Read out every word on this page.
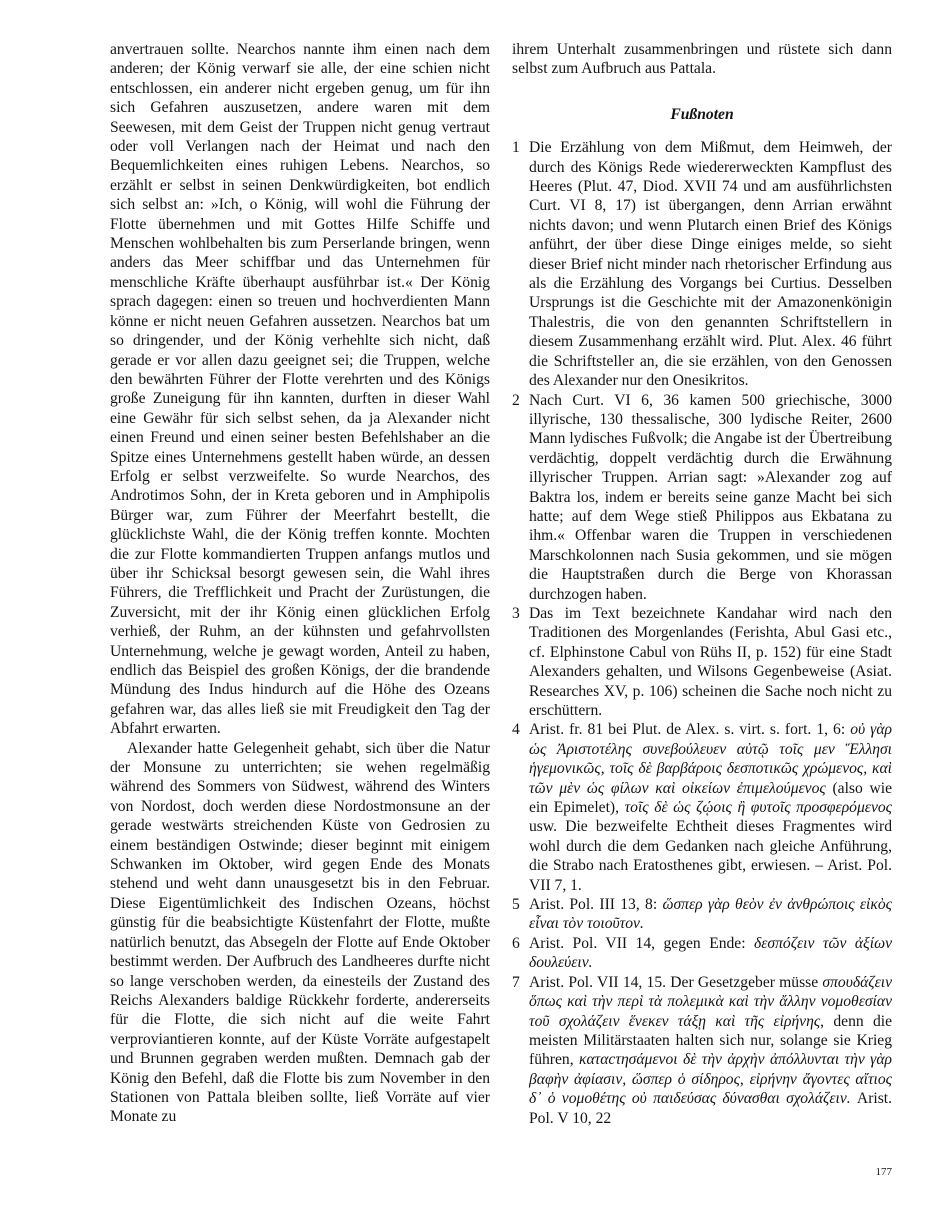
anvertrauen sollte. Nearchos nannte ihm einen nach dem anderen; der König verwarf sie alle, der eine schien nicht entschlossen, ein anderer nicht ergeben genug, um für ihn sich Gefahren auszusetzen, andere waren mit dem Seewesen, mit dem Geist der Truppen nicht genug vertraut oder voll Verlangen nach der Heimat und nach den Bequemlichkeiten eines ruhigen Lebens. Nearchos, so erzählt er selbst in seinen Denkwürdigkeiten, bot endlich sich selbst an: »Ich, o König, will wohl die Führung der Flotte übernehmen und mit Gottes Hilfe Schiffe und Menschen wohlbehalten bis zum Perserlande bringen, wenn anders das Meer schiffbar und das Unternehmen für menschliche Kräfte überhaupt ausführbar ist.« Der König sprach dagegen: einen so treuen und hochverdienten Mann könne er nicht neuen Gefahren aussetzen. Nearchos bat um so dringender, und der König verhehlte sich nicht, daß gerade er vor allen dazu geeignet sei; die Truppen, welche den bewährten Führer der Flotte verehrten und des Königs große Zuneigung für ihn kannten, durften in dieser Wahl eine Gewähr für sich selbst sehen, da ja Alexander nicht einen Freund und einen seiner besten Befehlshaber an die Spitze eines Unternehmens gestellt haben würde, an dessen Erfolg er selbst verzweifelte. So wurde Nearchos, des Androtimos Sohn, der in Kreta geboren und in Amphipolis Bürger war, zum Führer der Meerfahrt bestellt, die glücklichste Wahl, die der König treffen konnte. Mochten die zur Flotte kommandierten Truppen anfangs mutlos und über ihr Schicksal besorgt gewesen sein, die Wahl ihres Führers, die Trefflichkeit und Pracht der Zurüstungen, die Zuversicht, mit der ihr König einen glücklichen Erfolg verhieß, der Ruhm, an der kühnsten und gefahrvollsten Unternehmung, welche je gewagt worden, Anteil zu haben, endlich das Beispiel des großen Königs, der die brandende Mündung des Indus hindurch auf die Höhe des Ozeans gefahren war, das alles ließ sie mit Freudigkeit den Tag der Abfahrt erwarten.

Alexander hatte Gelegenheit gehabt, sich über die Natur der Monsune zu unterrichten; sie wehen regelmäßig während des Sommers von Südwest, während des Winters von Nordost, doch werden diese Nordostmonsune an der gerade westwärts streichenden Küste von Gedrosien zu einem beständigen Ostwinde; dieser beginnt mit einigem Schwanken im Oktober, wird gegen Ende des Monats stehend und weht dann unausgesetzt bis in den Februar. Diese Eigentümlichkeit des Indischen Ozeans, höchst günstig für die beabsichtigte Küstenfahrt der Flotte, mußte natürlich benutzt, das Absegeln der Flotte auf Ende Oktober bestimmt werden. Der Aufbruch des Landheeres durfte nicht so lange verschoben werden, da einesteils der Zustand des Reichs Alexanders baldige Rückkehr forderte, andererseits für die Flotte, die sich nicht auf die weite Fahrt verproviantieren konnte, auf der Küste Vorräte aufgestapelt und Brunnen gegraben werden mußten. Demnach gab der König den Befehl, daß die Flotte bis zum November in den Stationen von Pattala bleiben sollte, ließ Vorräte auf vier Monate zu

ihrem Unterhalt zusammenbringen und rüstete sich dann selbst zum Aufbruch aus Pattala.

Fußnoten

1 Die Erzählung von dem Mißmut, dem Heimweh, der durch des Königs Rede wiedererweckten Kampflust des Heeres (Plut. 47, Diod. XVII 74 und am ausführlichsten Curt. VI 8, 17) ist übergangen, denn Arrian erwähnt nichts davon; und wenn Plutarch einen Brief des Königs anführt, der über diese Dinge einiges melde, so sieht dieser Brief nicht minder nach rhetorischer Erfindung aus als die Erzählung des Vorgangs bei Curtius. Desselben Ursprungs ist die Geschichte mit der Amazonenkönigin Thalestris, die von den genannten Schriftstellern in diesem Zusammenhang erzählt wird. Plut. Alex. 46 führt die Schriftsteller an, die sie erzählen, von den Genossen des Alexander nur den Onesikritos.

2 Nach Curt. VI 6, 36 kamen 500 griechische, 3000 illyrische, 130 thessalische, 300 lydische Reiter, 2600 Mann lydisches Fußvolk; die Angabe ist der Übertreibung verdächtig, doppelt verdächtig durch die Erwähnung illyrischer Truppen. Arrian sagt: »Alexander zog auf Baktra los, indem er bereits seine ganze Macht bei sich hatte; auf dem Wege stieß Philippos aus Ekbatana zu ihm.« Offenbar waren die Truppen in verschiedenen Marschkolonnen nach Susia gekommen, und sie mögen die Hauptstraßen durch die Berge von Khorassan durchzogen haben.

3 Das im Text bezeichnete Kandahar wird nach den Traditionen des Morgenlandes (Ferishta, Abul Gasi etc., cf. Elphinstone Cabul von Rühs II, p. 152) für eine Stadt Alexanders gehalten, und Wilsons Gegenbeweise (Asiat. Researches XV, p. 106) scheinen die Sache noch nicht zu erschüttern.

4 Arist. fr. 81 bei Plut. de Alex. s. virt. s. fort. 1, 6: οὐ γὰρ ὡς Ἀριστοτέλης συνεβούλευεν αὐτῷ τοῖς μεν Ἕλλησι ἡγεμονικῶς, τοῖς δὲ βαρβάροις δεσποτικῶς χρώμενος, καὶ τῶν μὲν ὡς φίλων καὶ οἰκείων ἐπιμελούμενος (also wie ein Epimelet), τοῖς δὲ ὡς ζῴοις ἢ φυτοῖς προσφερόμενος usw. Die bezweifelte Echtheit dieses Fragmentes wird wohl durch die dem Gedanken nach gleiche Anführung, die Strabo nach Eratosthenes gibt, erwiesen. – Arist. Pol. VII 7, 1.

5 Arist. Pol. III 13, 8: ὥσπερ γὰρ θεὸν ἐν ἀνθρώποις εἰκὸς εἶναι τὸν τοιοῦτον.

6 Arist. Pol. VII 14, gegen Ende: δεσπόζειν τῶν ἀξίων δουλεύειν.

7 Arist. Pol. VII 14, 15. Der Gesetzgeber müsse σπουδάζειν ὅπως καὶ τὴν περὶ τὰ πολεμικὰ καὶ τὴν ἄλλην νομοθεσίαν τοῦ σχολάζειν ἕνεκεν τάξῃ καὶ τῆς εἰρήνης, denn die meisten Militärstaaten halten sich nur, solange sie Krieg führen, καταcτησάμενοι δὲ τὴν ἀρχὴν ἀπόλλυνται τὴν γὰρ βαφὴν ἀφίασιν, ὥσπερ ὁ σίδηρος, εἰρήνην ἄγοντες αἴτιος δ᾽ ὁ νομοθέτης οὐ παιδεύσας δύνασθαι σχολάζειν. Arist. Pol. V 10, 22

177
